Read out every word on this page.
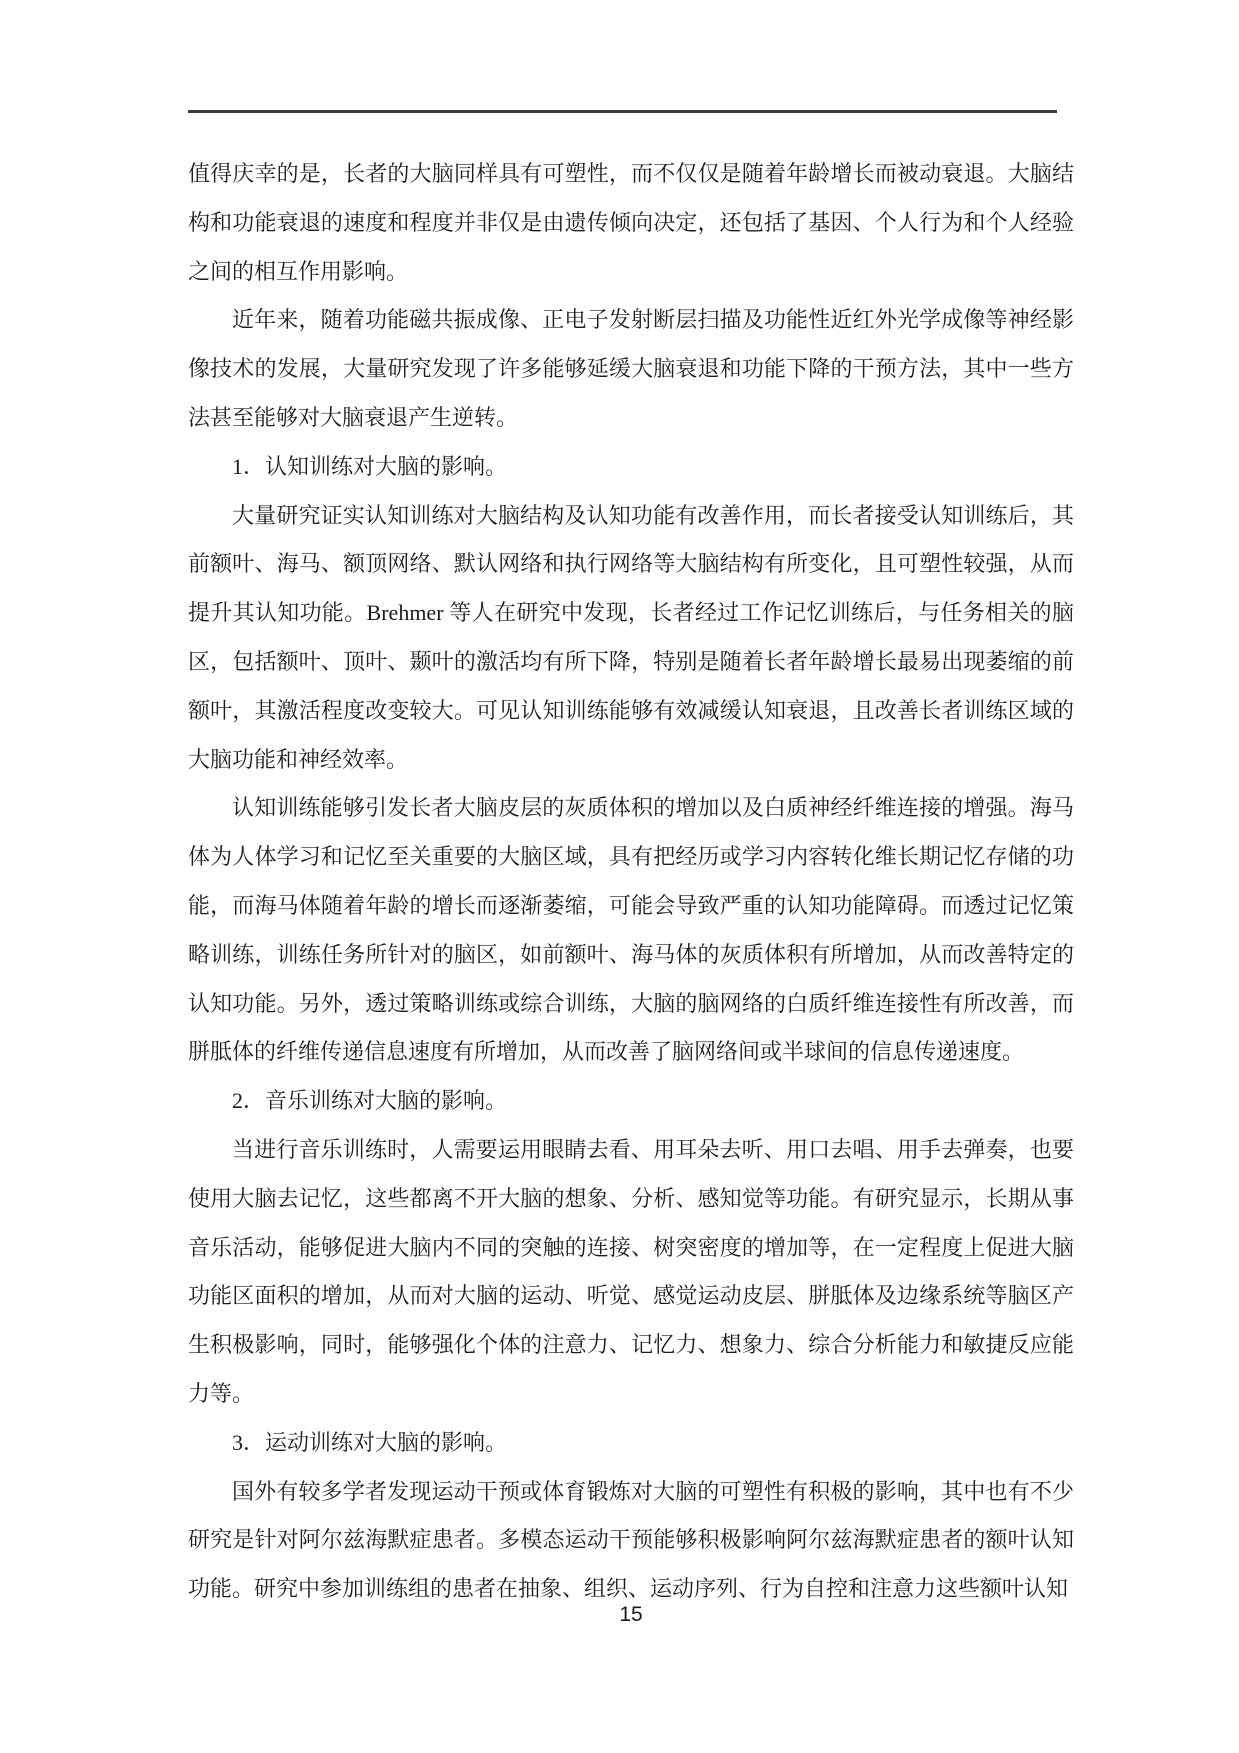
值得庆幸的是，长者的大脑同样具有可塑性，而不仅仅是随着年龄增长而被动衰退。大脑结构和功能衰退的速度和程度并非仅是由遗传倾向决定，还包括了基因、个人行为和个人经验之间的相互作用影响。

近年来，随着功能磁共振成像、正电子发射断层扫描及功能性近红外光学成像等神经影像技术的发展，大量研究发现了许多能够延缓大脑衰退和功能下降的干预方法，其中一些方法甚至能够对大脑衰退产生逆转。

1．认知训练对大脑的影响。

大量研究证实认知训练对大脑结构及认知功能有改善作用，而长者接受认知训练后，其前额叶、海马、额顶网络、默认网络和执行网络等大脑结构有所变化，且可塑性较强，从而提升其认知功能。Brehmer 等人在研究中发现，长者经过工作记忆训练后，与任务相关的脑区，包括额叶、顶叶、颞叶的激活均有所下降，特别是随着长者年龄增长最易出现萎缩的前额叶，其激活程度改变较大。可见认知训练能够有效减缓认知衰退，且改善长者训练区域的大脑功能和神经效率。

认知训练能够引发长者大脑皮层的灰质体积的增加以及白质神经纤维连接的增强。海马体为人体学习和记忆至关重要的大脑区域，具有把经历或学习内容转化维长期记忆存储的功能，而海马体随着年龄的增长而逐渐萎缩，可能会导致严重的认知功能障碍。而透过记忆策略训练，训练任务所针对的脑区，如前额叶、海马体的灰质体积有所增加，从而改善特定的认知功能。另外，透过策略训练或综合训练，大脑的脑网络的白质纤维连接性有所改善，而胼胝体的纤维传递信息速度有所增加，从而改善了脑网络间或半球间的信息传递速度。

2．音乐训练对大脑的影响。

当进行音乐训练时，人需要运用眼睛去看、用耳朵去听、用口去唱、用手去弹奏，也要使用大脑去记忆，这些都离不开大脑的想象、分析、感知觉等功能。有研究显示，长期从事音乐活动，能够促进大脑内不同的突触的连接、树突密度的增加等，在一定程度上促进大脑功能区面积的增加，从而对大脑的运动、听觉、感觉运动皮层、胼胝体及边缘系统等脑区产生积极影响，同时，能够强化个体的注意力、记忆力、想象力、综合分析能力和敏捷反应能力等。

3．运动训练对大脑的影响。

国外有较多学者发现运动干预或体育锻炼对大脑的可塑性有积极的影响，其中也有不少研究是针对阿尔兹海默症患者。多模态运动干预能够积极影响阿尔兹海默症患者的额叶认知功能。研究中参加训练组的患者在抽象、组织、运动序列、行为自控和注意力这些额叶认知

15
